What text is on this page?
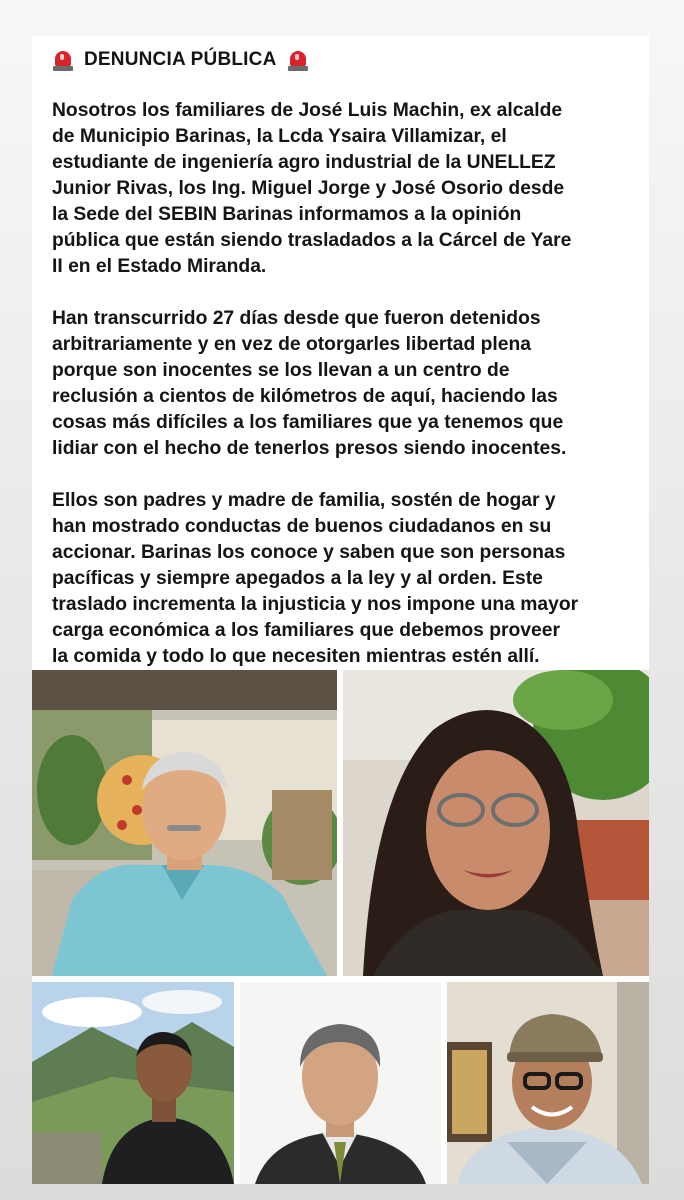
DENUNCIA PÚBLICA

Nosotros los familiares de José Luis Machin, ex alcalde
de Municipio Barinas, la Lcda Ysaira Villamizar, el
estudiante de ingeniería agro industrial de la UNELLEZ
Junior Rivas, los Ing. Miguel Jorge y José Osorio desde
la Sede del SEBIN Barinas informamos a la opinión
pública que están siendo trasladados a la Cárcel de Yare
II en el Estado Miranda.

Han transcurrido 27 días desde que fueron detenidos
arbitrariamente y en vez de otorgarles libertad plena
porque son inocentes se los llevan a un centro de
reclusión a cientos de kilómetros de aquí, haciendo las
cosas más difíciles a los familiares que ya tenemos que
lidiar con el hecho de tenerlos presos siendo inocentes.

Ellos son padres y madre de familia, sostén de hogar y
han mostrado conductas de buenos ciudadanos en su
accionar. Barinas los conoce y saben que son personas
pacíficas y siempre apegados a la ley y al orden. Este
traslado incrementa la injusticia y nos impone una mayor
carga económica a los familiares que debemos proveer
la comida y todo lo que necesiten mientras estén allí.
